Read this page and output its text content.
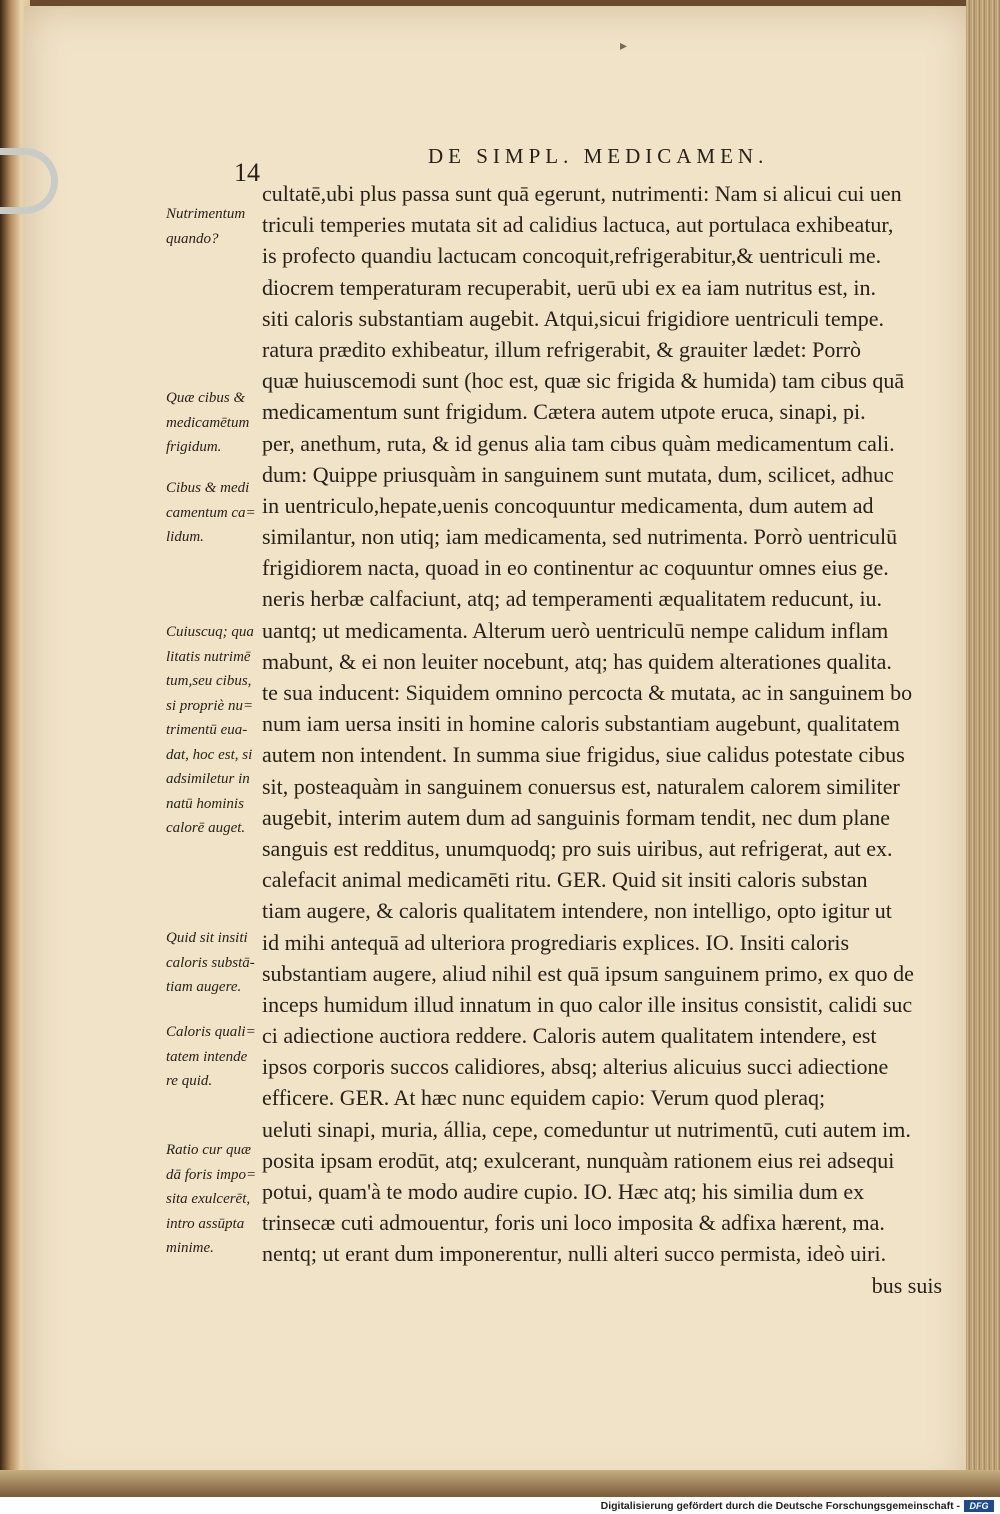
▸
14
DE SIMPL. MEDICAMEN.
Nutrimentum
quando?
Quæ cibus &
medicamētum
frigidum.
Cibus & medi
camentum ca=
lidum.
Cuiuscuq; qua
litatis nutrimē
tum,seu cibus,
si propriè nu=
trimentū eua-
dat, hoc est, si
adsimiletur in
natū hominis
calorē auget.
Quid sit insiti
caloris substā-
tiam augere.
Caloris quali=
tatem intende
re quid.
Ratio cur quæ
dā foris impo=
sita exulcerēt,
intro assūpta
minime.
cultatē,ubi plus passa sunt quā egerunt, nutrimenti: Nam si alicui cui uen
triculi temperies mutata sit ad calidius lactuca, aut portulaca exhibeatur,
is profecto quandiu lactucam concoquit,refrigerabitur,& uentriculi me.
diocrem temperaturam recuperabit, uerū ubi ex ea iam nutritus est, in.
siti caloris substantiam augebit. Atqui,sicui frigidiore uentriculi tempe.
ratura prædito exhibeatur, illum refrigerabit, & grauiter lædet: Porrò
quæ huiuscemodi sunt (hoc est, quæ sic frigida & humida) tam cibus quā
medicamentum sunt frigidum. Cætera autem utpote eruca, sinapi, pi.
per, anethum, ruta, & id genus alia tam cibus quàm medicamentum cali.
dum: Quippe priusquàm in sanguinem sunt mutata, dum, scilicet, adhuc
in uentriculo,hepate,uenis concoquuntur medicamenta, dum autem ad
similantur, non utiq; iam medicamenta, sed nutrimenta. Porrò uentriculū
frigidiorem nacta, quoad in eo continentur ac coquuntur omnes eius ge.
neris herbæ calfaciunt, atq; ad temperamenti æqualitatem reducunt, iu.
uantq; ut medicamenta. Alterum uerò uentriculū nempe calidum inflam
mabunt, & ei non leuiter nocebunt, atq; has quidem alterationes qualita.
te sua inducent: Siquidem omnino percocta & mutata, ac in sanguinem bo
num iam uersa insiti in homine caloris substantiam augebunt, qualitatem
autem non intendent. In summa siue frigidus, siue calidus potestate cibus
sit, posteaquàm in sanguinem conuersus est, naturalem calorem similiter
augebit, interim autem dum ad sanguinis formam tendit, nec dum plane
sanguis est redditus, unumquodq; pro suis uiribus, aut refrigerat, aut ex.
calefacit animal medicamēti ritu. GER. Quid sit insiti caloris substan
tiam augere, & caloris qualitatem intendere, non intelligo, opto igitur ut
id mihi antequā ad ulteriora progrediaris explices. IO. Insiti caloris
substantiam augere, aliud nihil est quā ipsum sanguinem primo, ex quo de
inceps humidum illud innatum in quo calor ille insitus consistit, calidi suc
ci adiectione auctiora reddere. Caloris autem qualitatem intendere, est
ipsos corporis succos calidiores, absq; alterius alicuius succi adiectione
efficere. GER. At hæc nunc equidem capio: Verum quod pleraq;
ueluti sinapi, muria, állia, cepe, comeduntur ut nutrimentū, cuti autem im.
posita ipsam erodūt, atq; exulcerant, nunquàm rationem eius rei adsequi
potui, quam'à te modo audire cupio. IO. Hæc atq; his similia dum ex
trinsecæ cuti admouentur, foris uni loco imposita & adfixa hærent, ma.
nentq; ut erant dum imponerentur, nulli alteri succo permista, ideò uiri.
bus suis
Digitalisierung gefördert durch die Deutsche Forschungsgemeinschaft -	DFG
